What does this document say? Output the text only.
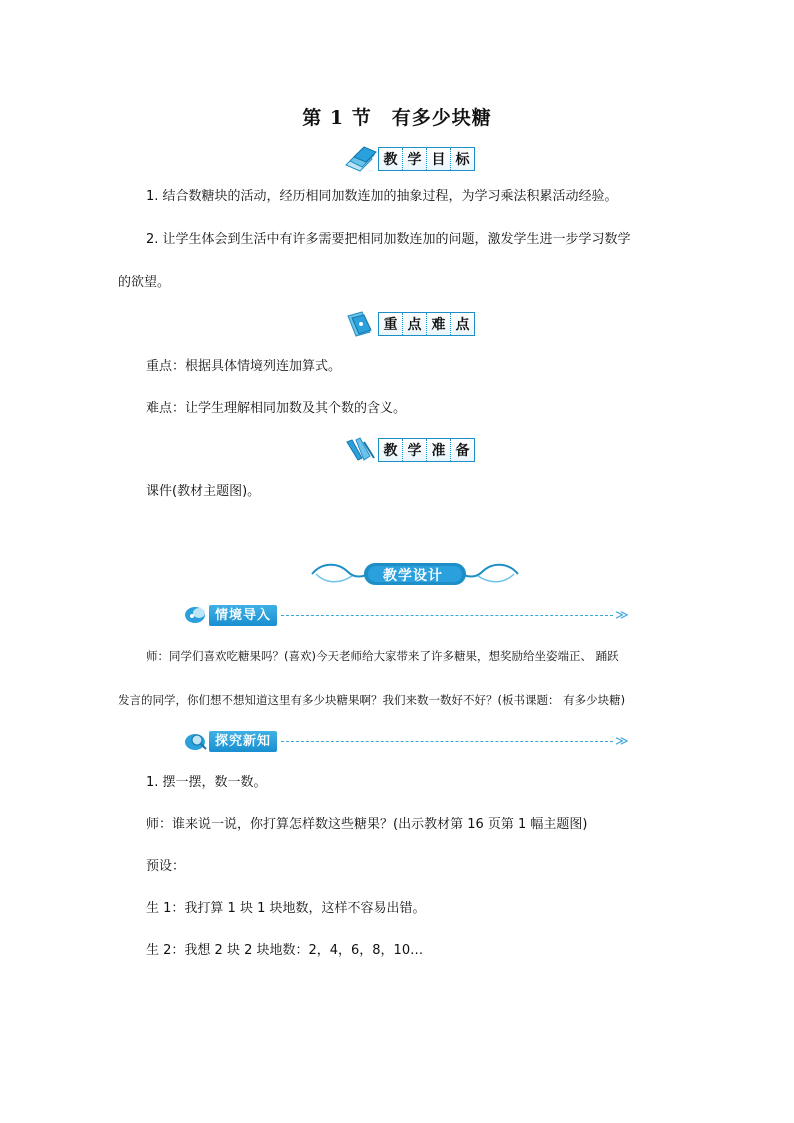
第 1 节　有多少块糖
教 学 目 标
1. 结合数糖块的活动，经历相同加数连加的抽象过程，为学习乘法积累活动经验。
2. 让学生体会到生活中有许多需要把相同加数连加的问题，激发学生进一步学习数学
的欲望。
重 点 难 点
重点：根据具体情境列连加算式。
难点：让学生理解相同加数及其个数的含义。
教 学 准 备
课件(教材主题图)。
教学设计
情境导入	≫
师：同学们喜欢吃糖果吗？(喜欢)今天老师给大家带来了许多糖果，想奖励给坐姿端正、 踊跃
发言的同学，你们想不想知道这里有多少块糖果啊？我们来数一数好不好？(板书课题： 有多少块糖)
探究新知	≫
1. 摆一摆，数一数。
师：谁来说一说，你打算怎样数这些糖果？(出示教材第 16 页第 1 幅主题图)
预设：
生 1：我打算 1 块 1 块地数，这样不容易出错。
生 2：我想 2 块 2 块地数：2，4，6，8，10…
